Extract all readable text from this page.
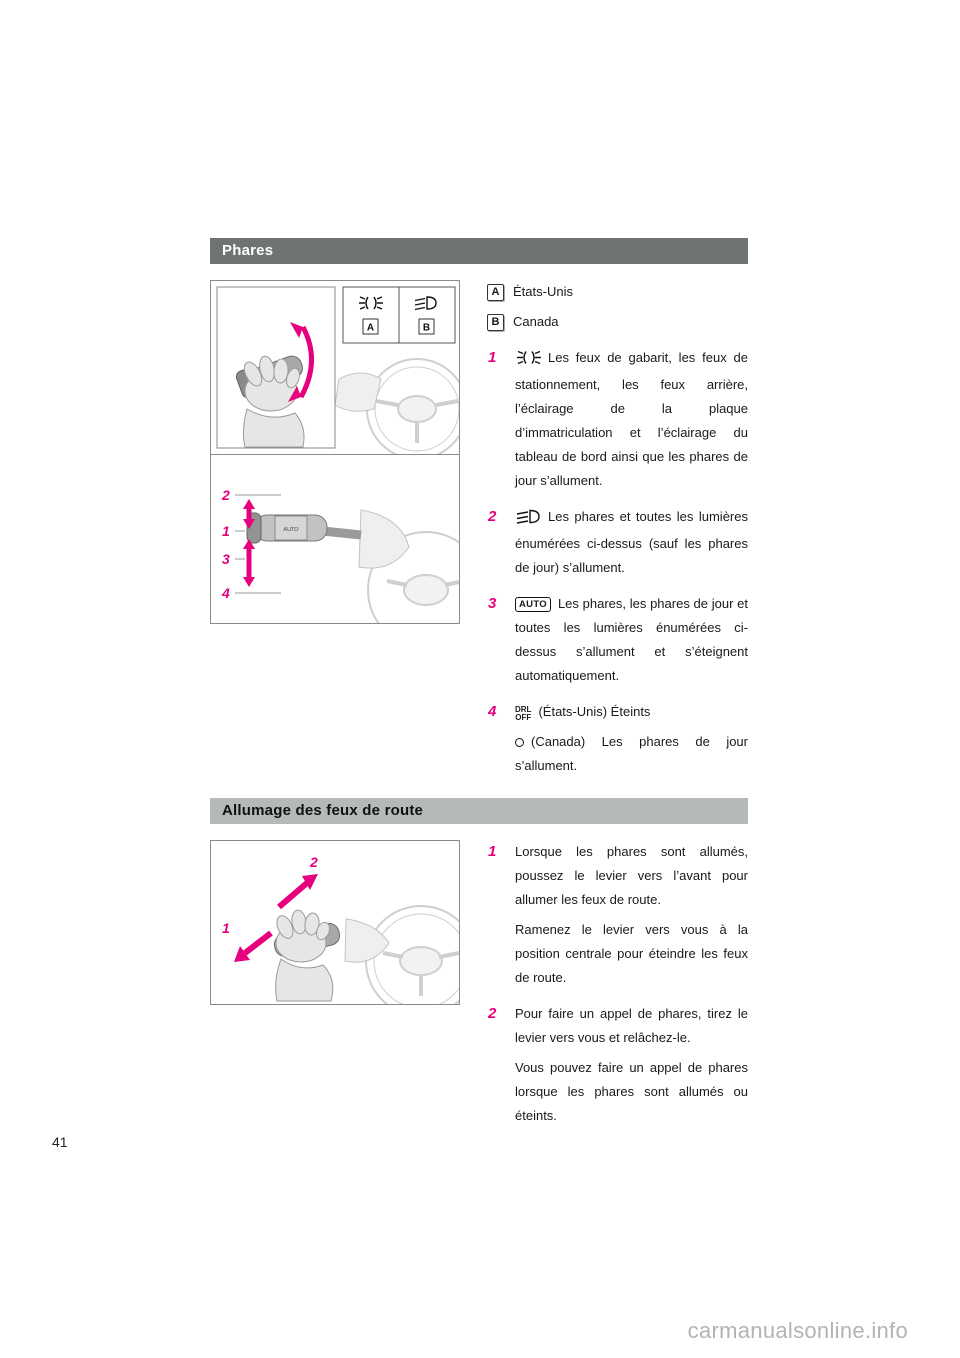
Phares
A	B
AUTO
2
1
3
4
A	États-Unis
B	Canada
1	Les feux de gabarit, les feux de stationnement, les feux arrière, l’éclairage de la plaque d’immatriculation et l’éclairage du tableau de bord ainsi que les phares de jour s’allument.
2	Les phares et toutes les lumières énumérées ci-dessus (sauf les phares de jour) s’allument.
3 AUTO Les phares, les phares de jour et toutes les lumières énumérées ci-dessus s’allument et s’éteignent automatiquement.
4 DRL
OFF (États-Unis) Éteints
(Canada) Les phares de jour s’allument.
Allumage des feux de route
2
1
1 Lorsque les phares sont allumés, poussez le levier vers l’avant pour allumer les feux de route.
Ramenez le levier vers vous à la position centrale pour éteindre les feux de route.
2 Pour faire un appel de phares, tirez le levier vers vous et relâchez-le.
Vous pouvez faire un appel de phares lorsque les phares sont allumés ou éteints.
41
carmanualsonline.info
